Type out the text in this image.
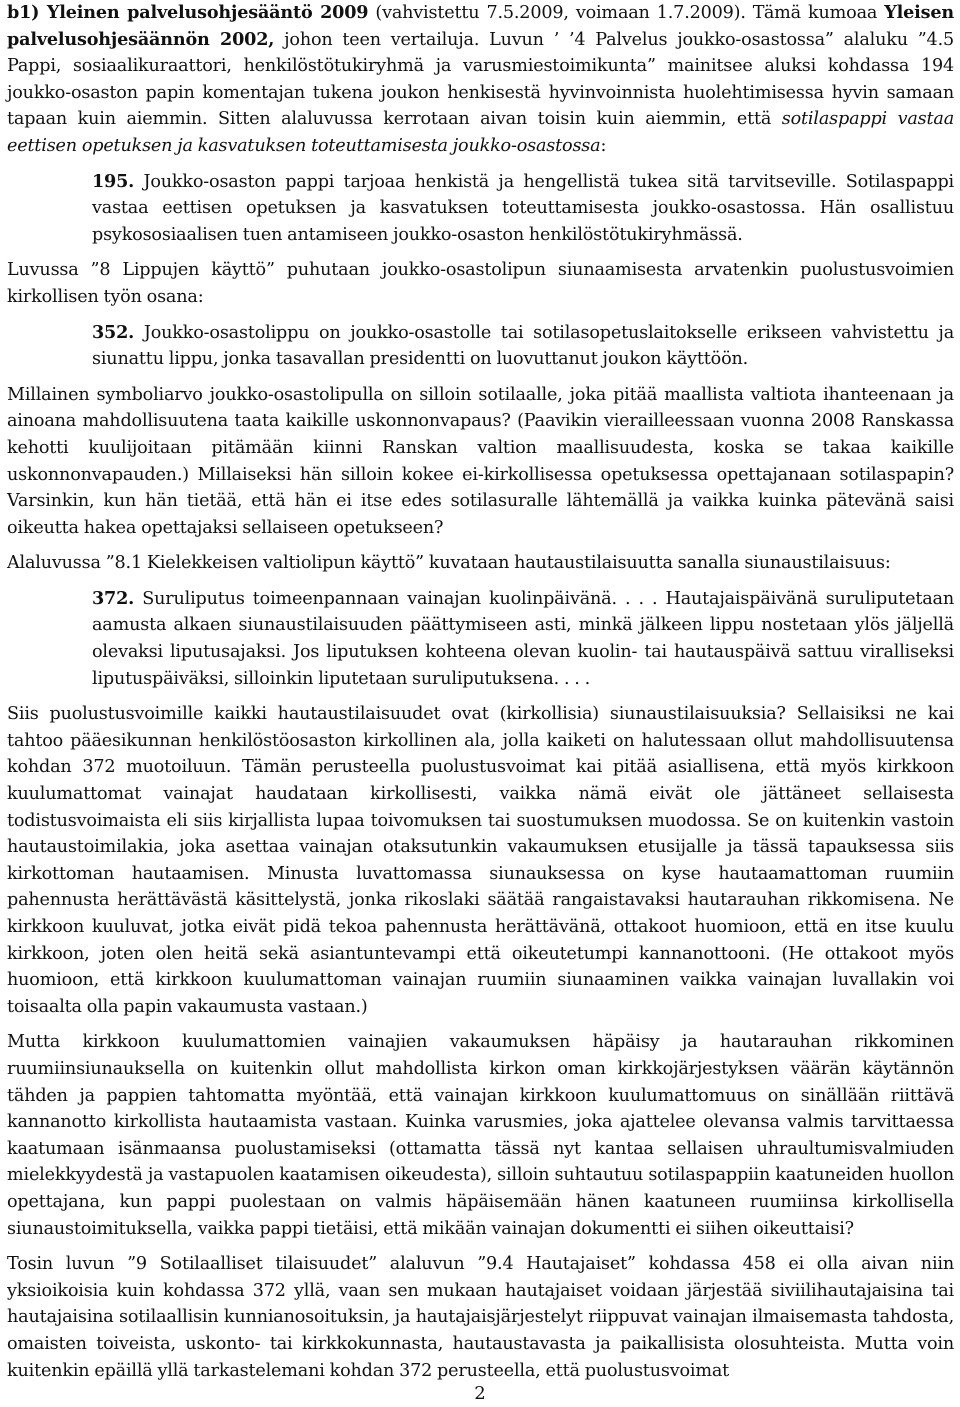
b1) Yleinen palvelusohjesääntö 2009 (vahvistettu 7.5.2009, voimaan 1.7.2009). Tämä kumoaa Yleisen palvelusohjesäännön 2002, johon teen vertailuja. Luvun ’ ’4 Palvelus joukko-osastossa” alaluku ”4.5 Pappi, sosiaalikuraattori, henkilöstötukiryhmä ja varusmiestoimikunta” mainitsee aluksi kohdassa 194 joukko-osaston papin komentajan tukena joukon henkisestä hyvinvoinnista huolehtimisessa hyvin samaan tapaan kuin aiemmin. Sitten alaluvussa kerrotaan aivan toisin kuin aiemmin, että sotilaspappi vastaa eettisen opetuksen ja kasvatuksen toteuttamisesta joukko-osastossa:

195. Joukko-osaston pappi tarjoaa henkistä ja hengellistä tukea sitä tarvitseville. Sotilaspappi vastaa eettisen opetuksen ja kasvatuksen toteuttamisesta joukko-osastossa. Hän osallistuu psykososiaalisen tuen antamiseen joukko-osaston henkilöstötukiryhmässä.

Luvussa ”8 Lippujen käyttö” puhutaan joukko-osastolipun siunaamisesta arvatenkin puolustusvoimien kirkollisen työn osana:

352. Joukko-osastolippu on joukko-osastolle tai sotilasopetuslaitokselle erikseen vahvistettu ja siunattu lippu, jonka tasavallan presidentti on luovuttanut joukon käyttöön.

Millainen symboliarvo joukko-osastolipulla on silloin sotilaalle, joka pitää maallista valtiota ihanteenaan ja ainoana mahdollisuutena taata kaikille uskonnonvapaus? (Paavikin vierailleessaan vuonna 2008 Ranskassa kehotti kuulijoitaan pitämään kiinni Ranskan valtion maallisuudesta, koska se takaa kaikille uskonnonvapauden.) Millaiseksi hän silloin kokee ei-kirkollisessa opetuksessa opettajanaan sotilaspapin? Varsinkin, kun hän tietää, että hän ei itse edes sotilasuralle lähtemällä ja vaikka kuinka pätevänä saisi oikeutta hakea opettajaksi sellaiseen opetukseen?

Alaluvussa ”8.1 Kielekkeisen valtiolipun käyttö” kuvataan hautaustilaisuutta sanalla siunaustilaisuus:

372. Suruliputus toimeenpannaan vainajan kuolinpäivänä. . . . Hautajaispäivänä suruliputetaan aamusta alkaen siunaustilaisuuden päättymiseen asti, minkä jälkeen lippu nostetaan ylös jäljellä olevaksi liputusajaksi. Jos liputuksen kohteena olevan kuolin- tai hautauspäivä sattuu viralliseksi liputuspäiväksi, silloinkin liputetaan suruliputuksena. . . .

Siis puolustusvoimille kaikki hautaustilaisuudet ovat (kirkollisia) siunaustilaisuuksia? Sellaisiksi ne kai tahtoo pääesikunnan henkilöstöosaston kirkollinen ala, jolla kaiketi on halutessaan ollut mahdollisuutensa kohdan 372 muotoiluun. Tämän perusteella puolustusvoimat kai pitää asiallisena, että myös kirkkoon kuulumattomat vainajat haudataan kirkollisesti, vaikka nämä eivät ole jättäneet sellaisesta todistusvoimaista eli siis kirjallista lupaa toivomuksen tai suostumuksen muodossa. Se on kuitenkin vastoin hautaustoimilakia, joka asettaa vainajan otaksutunkin vakaumuksen etusijalle ja tässä tapauksessa siis kirkottoman hautaamisen. Minusta luvattomassa siunauksessa on kyse hautaamattoman ruumiin pahennusta herättävästä käsittelystä, jonka rikoslaki säätää rangaistavaksi hautarauhan rikkomisena. Ne kirkkoon kuuluvat, jotka eivät pidä tekoa pahennusta herättävänä, ottakoot huomioon, että en itse kuulu kirkkoon, joten olen heitä sekä asiantuntevampi että oikeutetumpi kannanottooni. (He ottakoot myös huomioon, että kirkkoon kuulumattoman vainajan ruumiin siunaaminen vaikka vainajan luvallakin voi toisaalta olla papin vakaumusta vastaan.)

Mutta kirkkoon kuulumattomien vainajien vakaumuksen häpäisy ja hautarauhan rikkominen ruumiinsiunauksella on kuitenkin ollut mahdollista kirkon oman kirkkojärjestyksen väärän käytännön tähden ja pappien tahtomatta myöntää, että vainajan kirkkoon kuulumattomuus on sinällään riittävä kannanotto kirkollista hautaamista vastaan. Kuinka varusmies, joka ajattelee olevansa valmis tarvittaessa kaatumaan isänmaansa puolustamiseksi (ottamatta tässä nyt kantaa sellaisen uhraultumisvalmiuden mielekkyydestä ja vastapuolen kaatamisen oikeudesta), silloin suhtautuu sotilaspappiin kaatuneiden huollon opettajana, kun pappi puolestaan on valmis häpäisemään hänen kaatuneen ruumiinsa kirkollisella siunaustoimituksella, vaikka pappi tietäisi, että mikään vainajan dokumentti ei siihen oikeuttaisi?

Tosin luvun ”9 Sotilaalliset tilaisuudet” alaluvun ”9.4 Hautajaiset” kohdassa 458 ei olla aivan niin yksioikoisia kuin kohdassa 372 yllä, vaan sen mukaan hautajaiset voidaan järjestää siviilihautajaisina tai hautajaisina sotilaallisin kunnianosoituksin, ja hautajaisjärjestelyt riippuvat vainajan ilmaisemasta tahdosta, omaisten toiveista, uskonto- tai kirkkokunnasta, hautaustavasta ja paikallisista olosuhteista. Mutta voin kuitenkin epäillä yllä tarkastelemani kohdan 372 perusteella, että puolustusvoimat

2
